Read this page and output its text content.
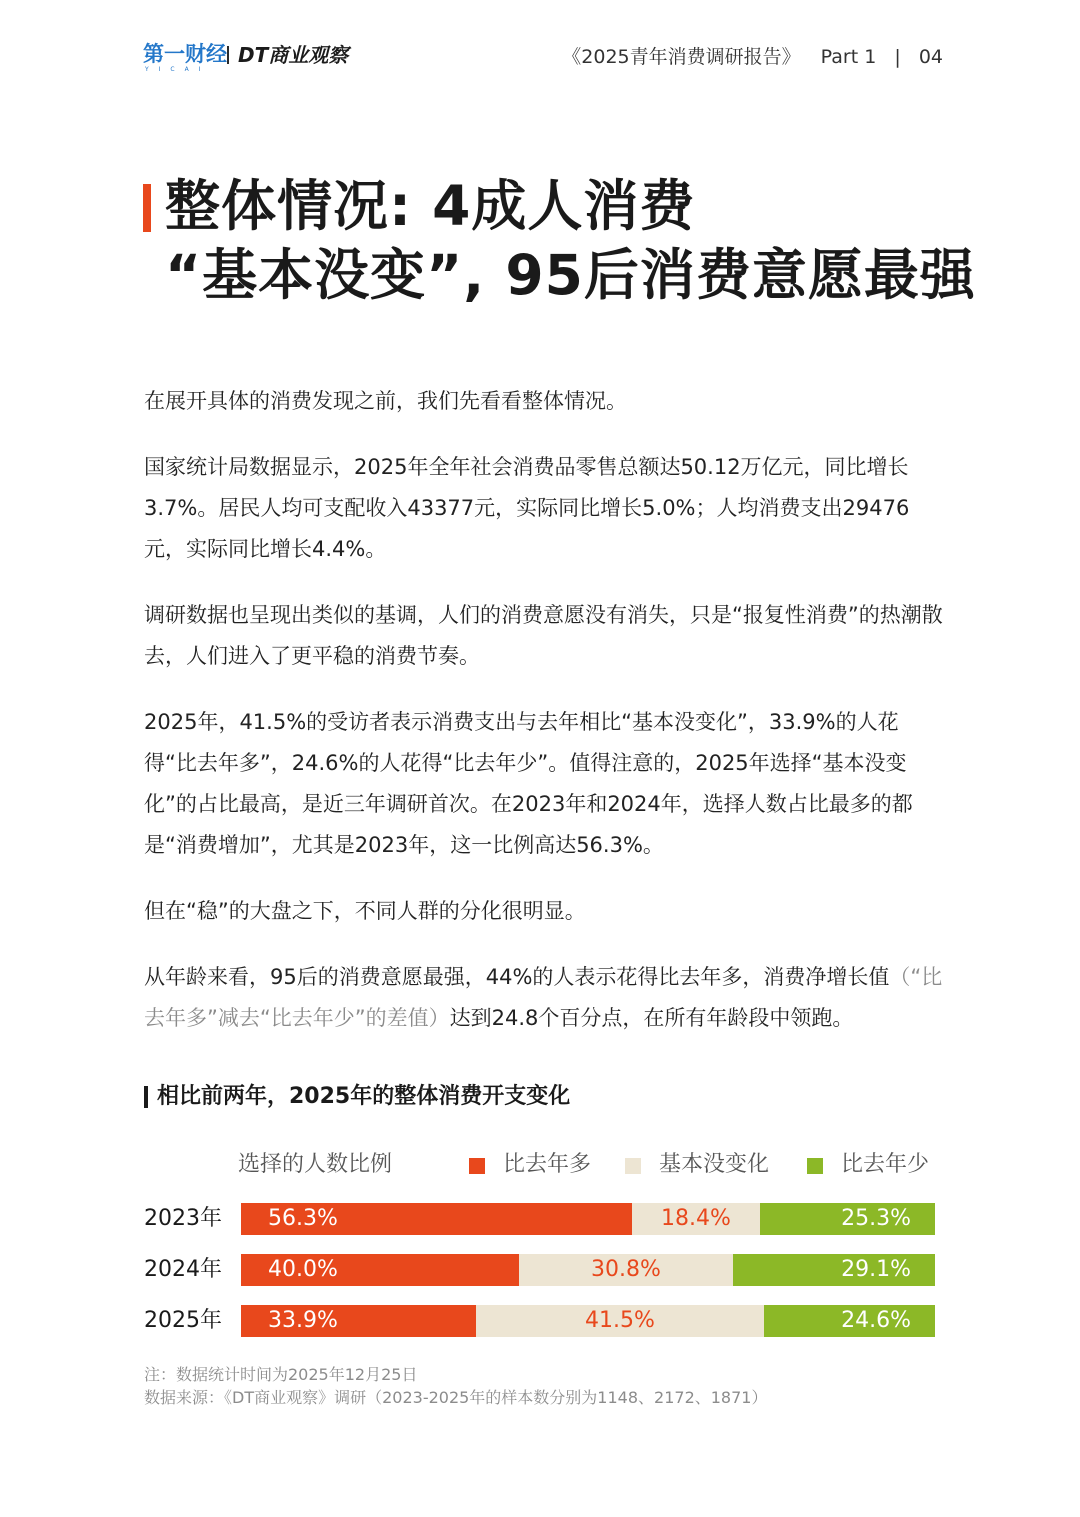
第一财经
YICAI
DT商业观察	《2025青年消费调研报告》 Part 1 | 04
整体情况: 4成人消费
“基本没变”, 95后消费意愿最强
在展开具体的消费发现之前，我们先看看整体情况。
国家统计局数据显示，2025年全年社会消费品零售总额达50.12万亿元，同比增长3.7%。居民人均可支配收入43377元，实际同比增长5.0%；人均消费支出29476元，实际同比增长4.4%。
调研数据也呈现出类似的基调，人们的消费意愿没有消失，只是“报复性消费”的热潮散去，人们进入了更平稳的消费节奏。
2025年，41.5%的受访者表示消费支出与去年相比“基本没变化”，33.9%的人花得“比去年多”，24.6%的人花得“比去年少”。值得注意的，2025年选择“基本没变化”的占比最高，是近三年调研首次。在2023年和2024年，选择人数占比最多的都是“消费增加”，尤其是2023年，这一比例高达56.3%。
但在“稳”的大盘之下，不同人群的分化很明显。
从年龄来看，95后的消费意愿最强，44%的人表示花得比去年多，消费净增长值（“比去年多”减去“比去年少”的差值）达到24.8个百分点，在所有年龄段中领跑。
相比前两年，2025年的整体消费开支变化
选择的人数比例	比去年多	基本没变化	比去年少
2023年	56.3%	18.4%	25.3%
2024年	40.0%	30.8%	29.1%
2025年	33.9%	41.5%	24.6%
注：数据统计时间为2025年12月25日
数据来源：《DT商业观察》调研（2023-2025年的样本数分别为1148、2172、1871）
